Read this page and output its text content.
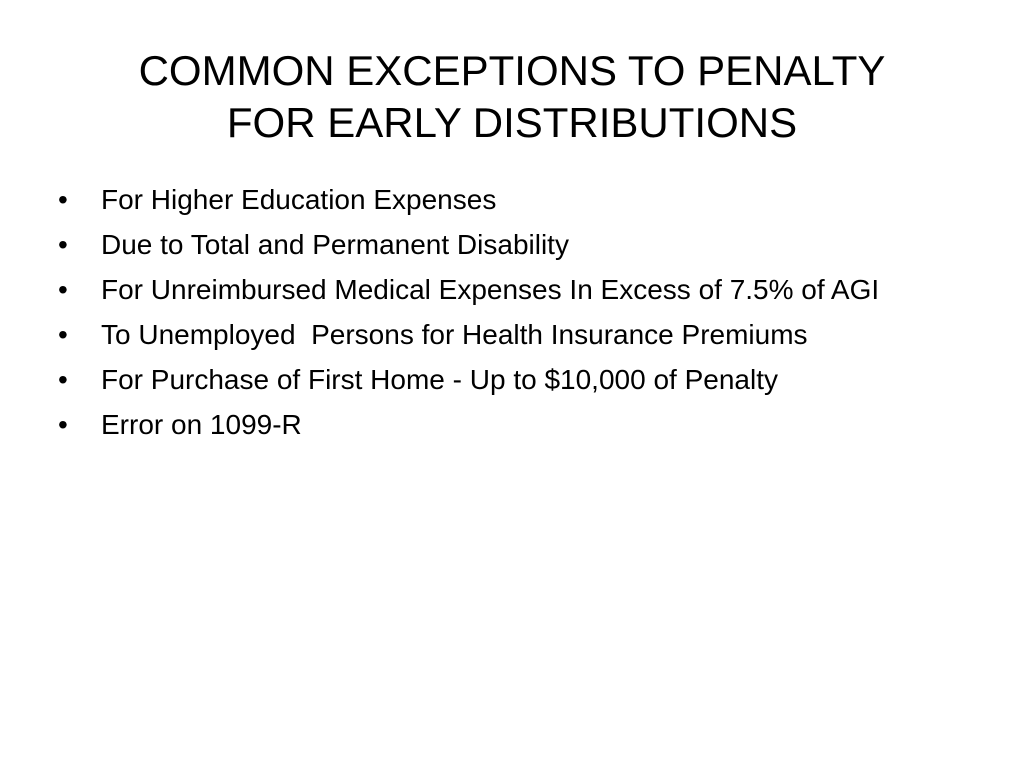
COMMON EXCEPTIONS TO PENALTY
FOR EARLY DISTRIBUTIONS
•	For Higher Education Expenses
•	Due to Total and Permanent Disability
•	For Unreimbursed Medical Expenses In Excess of 7.5% of AGI
•	To Unemployed  Persons for Health Insurance Premiums
•	For Purchase of First Home - Up to $10,000 of Penalty
•	Error on 1099-R
